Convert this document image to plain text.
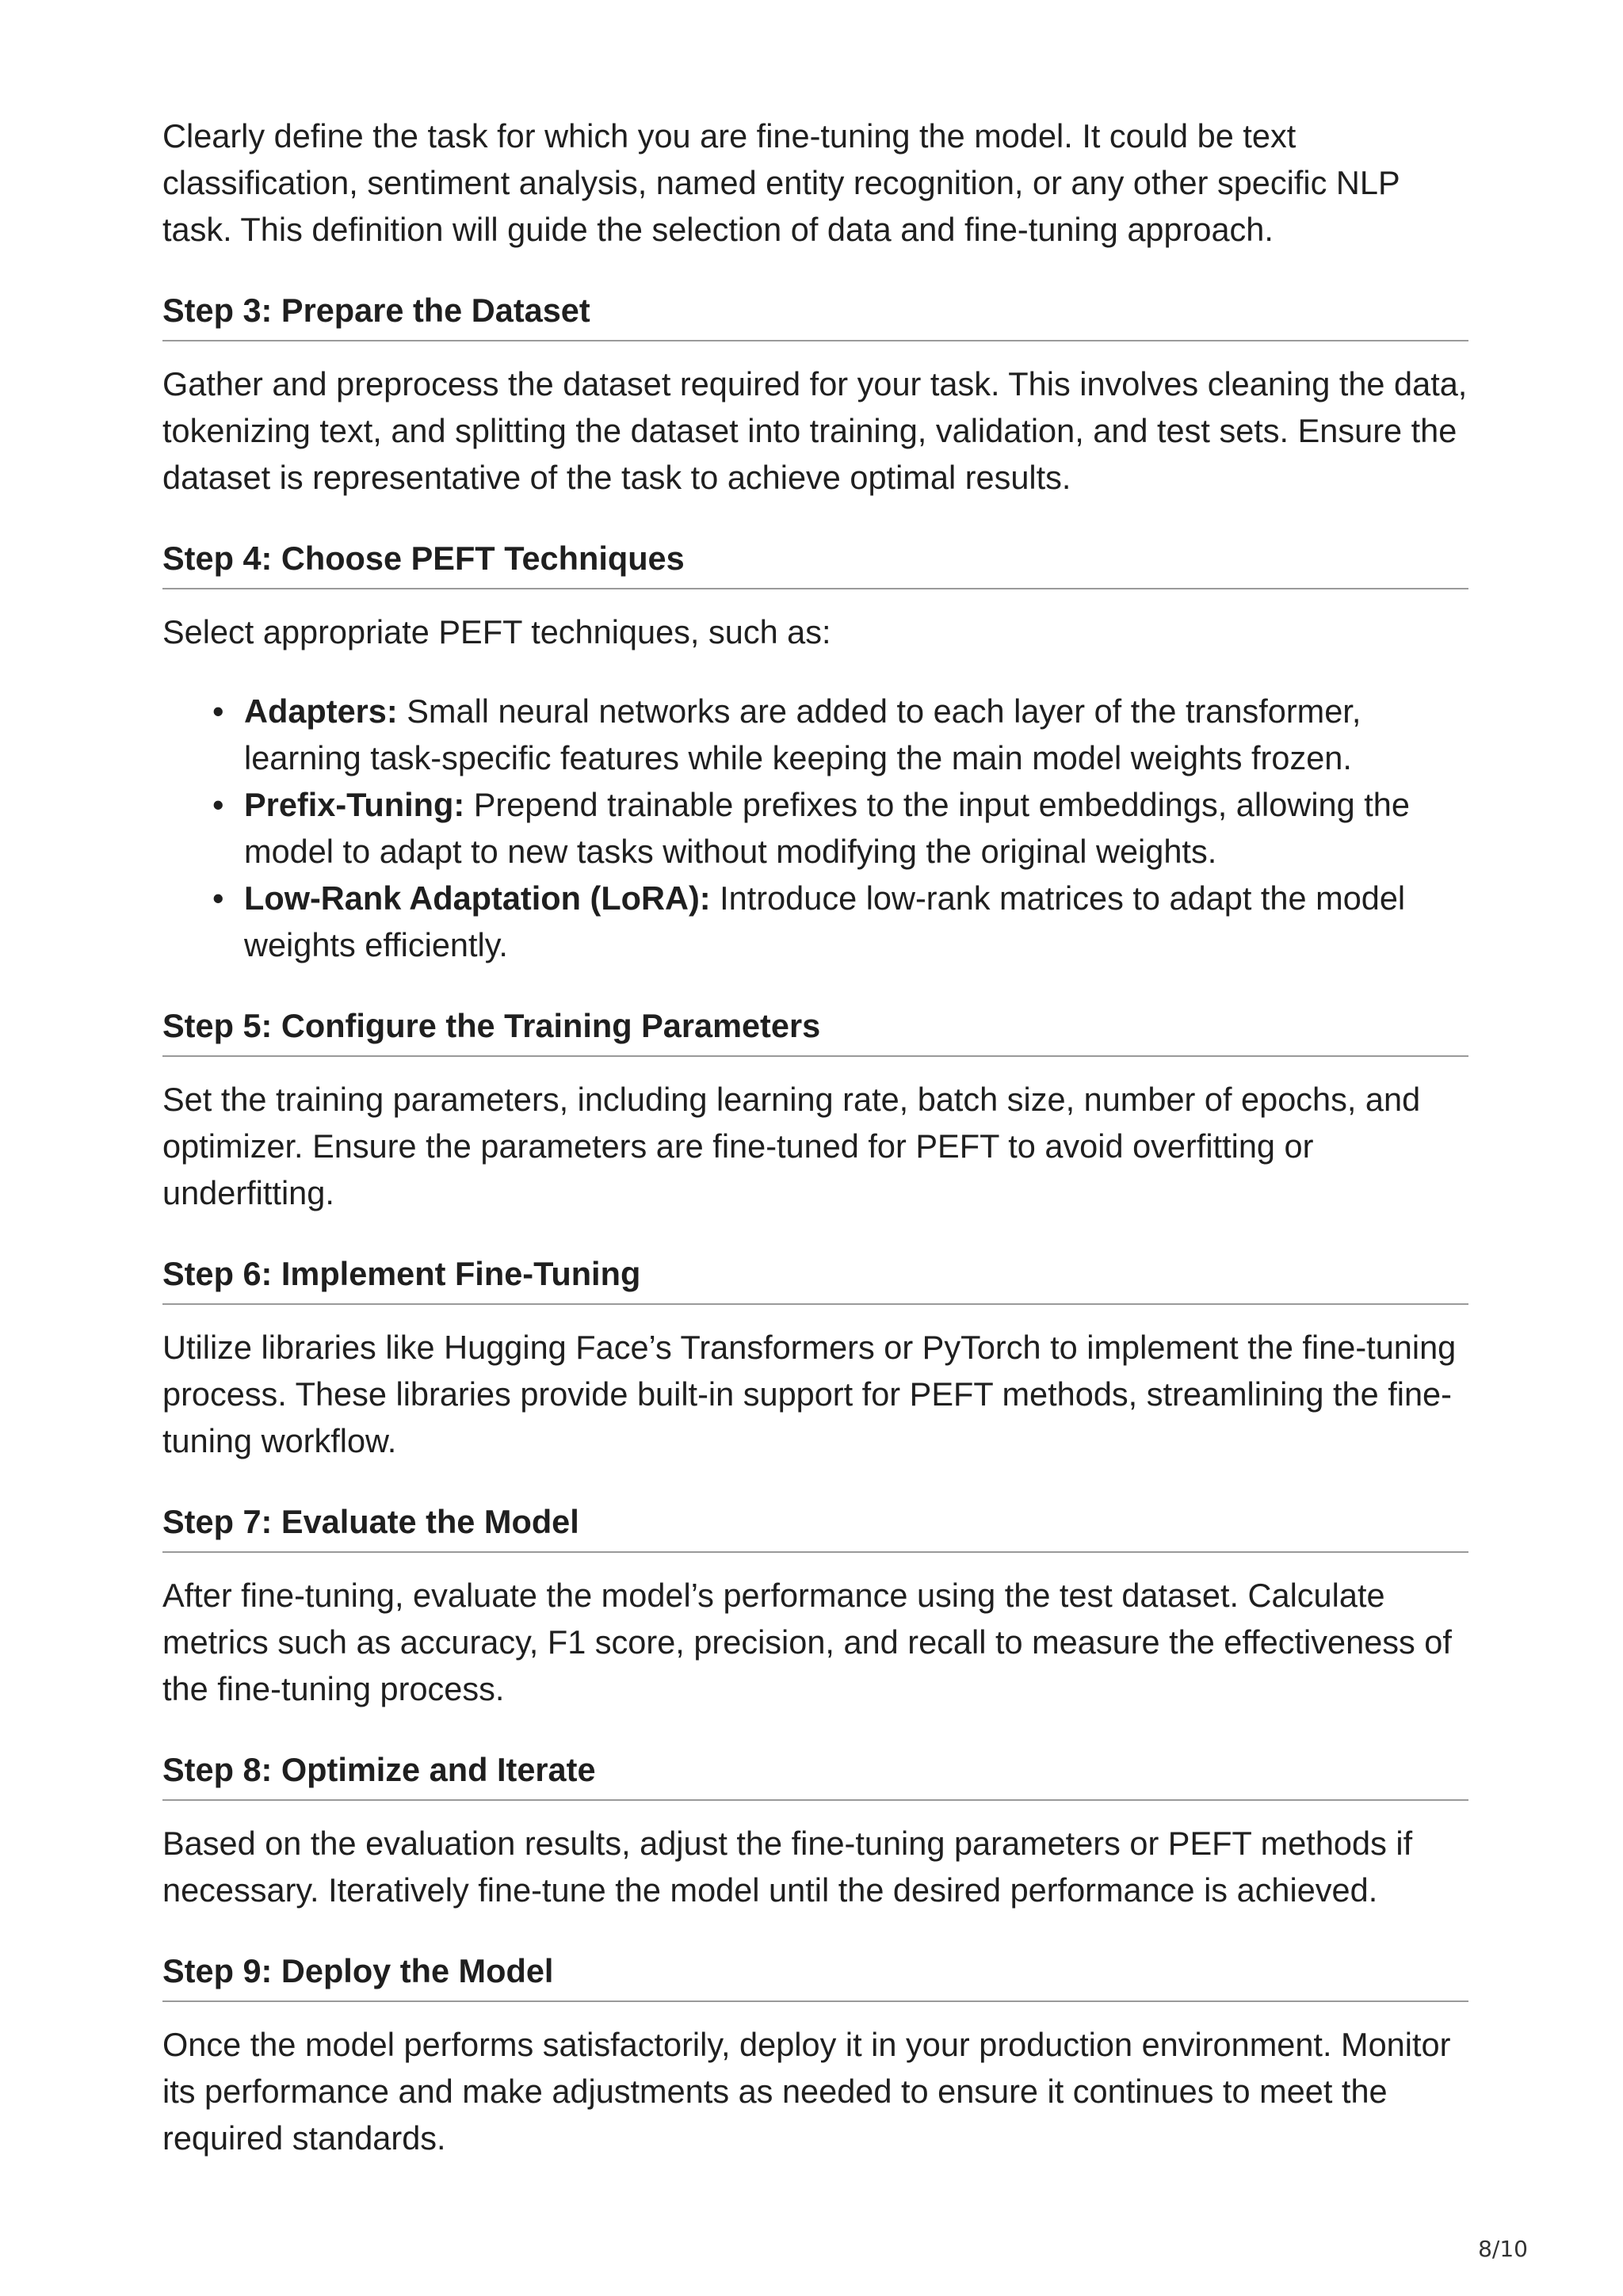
Clearly define the task for which you are fine-tuning the model. It could be text classification, sentiment analysis, named entity recognition, or any other specific NLP task. This definition will guide the selection of data and fine-tuning approach.

Step 3: Prepare the Dataset

Gather and preprocess the dataset required for your task. This involves cleaning the data, tokenizing text, and splitting the dataset into training, validation, and test sets. Ensure the dataset is representative of the task to achieve optimal results.

Step 4: Choose PEFT Techniques

Select appropriate PEFT techniques, such as:

• Adapters: Small neural networks are added to each layer of the transformer, learning task-specific features while keeping the main model weights frozen.
• Prefix-Tuning: Prepend trainable prefixes to the input embeddings, allowing the model to adapt to new tasks without modifying the original weights.
• Low-Rank Adaptation (LoRA): Introduce low-rank matrices to adapt the model weights efficiently.
Step 5: Configure the Training Parameters

Set the training parameters, including learning rate, batch size, number of epochs, and optimizer. Ensure the parameters are fine-tuned for PEFT to avoid overfitting or underfitting.

Step 6: Implement Fine-Tuning

Utilize libraries like Hugging Face’s Transformers or PyTorch to implement the fine-tuning process. These libraries provide built-in support for PEFT methods, streamlining the fine-tuning workflow.

Step 7: Evaluate the Model

After fine-tuning, evaluate the model’s performance using the test dataset. Calculate metrics such as accuracy, F1 score, precision, and recall to measure the effectiveness of the fine-tuning process.

Step 8: Optimize and Iterate

Based on the evaluation results, adjust the fine-tuning parameters or PEFT methods if necessary. Iteratively fine-tune the model until the desired performance is achieved.

Step 9: Deploy the Model

Once the model performs satisfactorily, deploy it in your production environment. Monitor its performance and make adjustments as needed to ensure it continues to meet the required standards.

8/10
